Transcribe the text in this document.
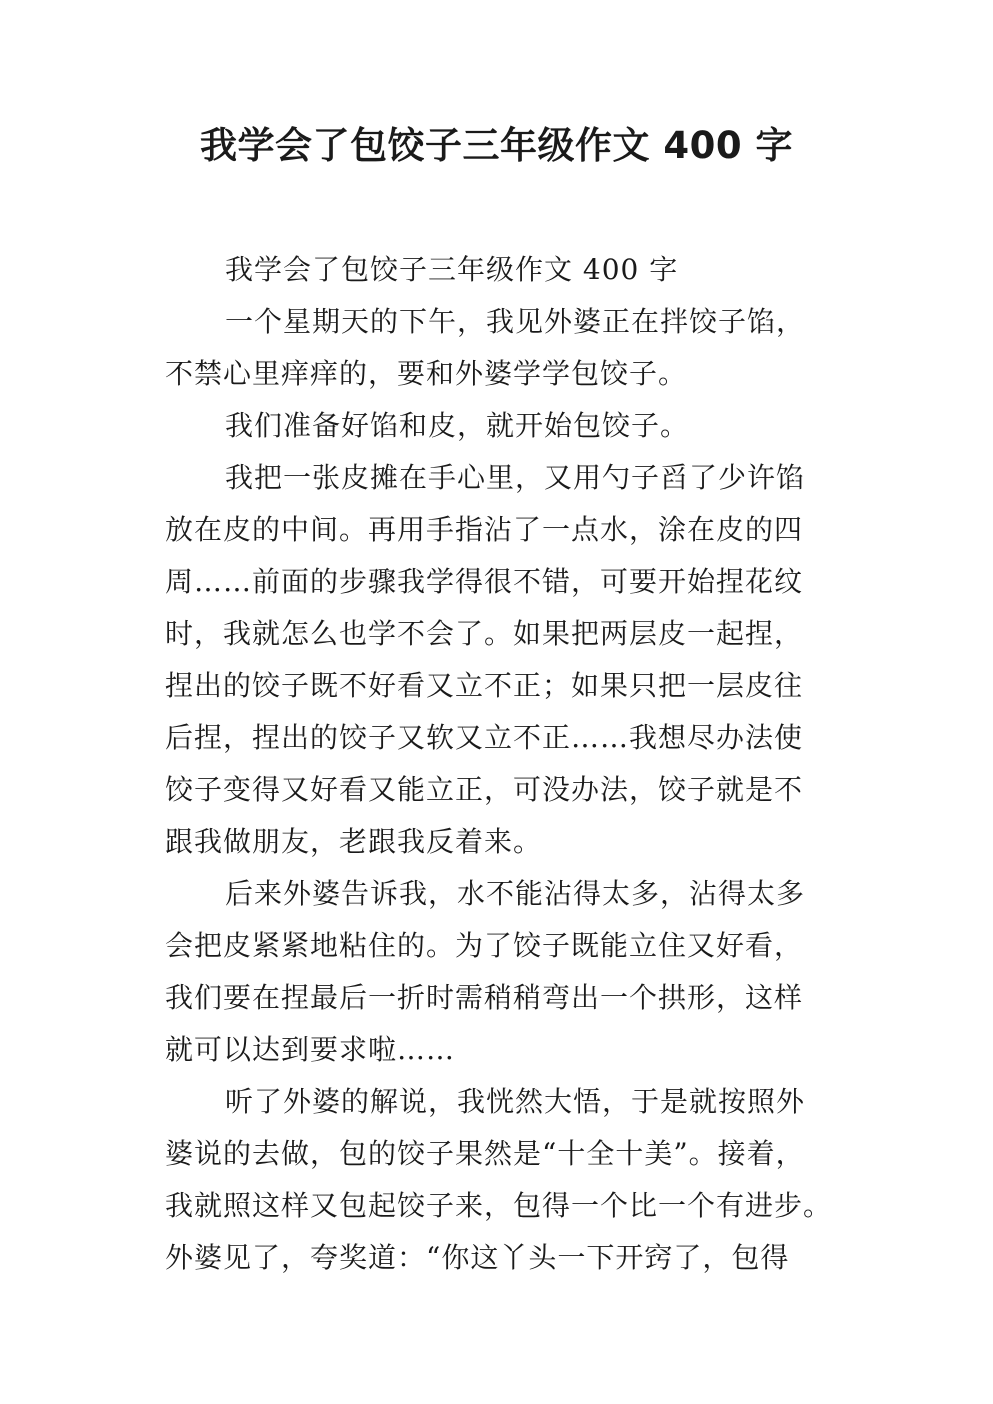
我学会了包饺子三年级作文 400 字
我学会了包饺子三年级作文 400 字
一个星期天的下午，我见外婆正在拌饺子馅，
不禁心里痒痒的，要和外婆学学包饺子。
我们准备好馅和皮，就开始包饺子。
我把一张皮摊在手心里，又用勺子舀了少许馅
放在皮的中间。再用手指沾了一点水，涂在皮的四
周……前面的步骤我学得很不错，可要开始捏花纹
时，我就怎么也学不会了。如果把两层皮一起捏，
捏出的饺子既不好看又立不正；如果只把一层皮往
后捏，捏出的饺子又软又立不正……我想尽办法使
饺子变得又好看又能立正，可没办法，饺子就是不
跟我做朋友，老跟我反着来。
后来外婆告诉我，水不能沾得太多，沾得太多
会把皮紧紧地粘住的。为了饺子既能立住又好看，
我们要在捏最后一折时需稍稍弯出一个拱形，这样
就可以达到要求啦……
听了外婆的解说，我恍然大悟，于是就按照外
婆说的去做，包的饺子果然是“十全十美”。接着，
我就照这样又包起饺子来，包得一个比一个有进步。
外婆见了，夸奖道：“你这丫头一下开窍了，包得
